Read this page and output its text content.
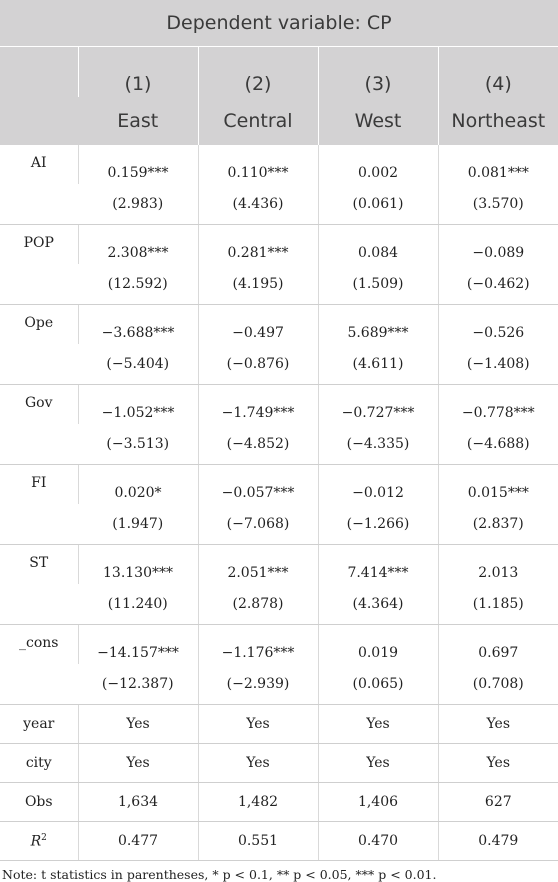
Dependent variable: CP				
	(1)	(2)	(3)	(4)
	East	Central	West	Northeast
AI	0.159***	0.110***	0.002	0.081***
	(2.983)	(4.436)	(0.061)	(3.570)
POP	2.308***	0.281***	0.084	−0.089
	(12.592)	(4.195)	(1.509)	(−0.462)
Ope	−3.688***	−0.497	5.689***	−0.526
	(−5.404)	(−0.876)	(4.611)	(−1.408)
Gov	−1.052***	−1.749***	−0.727***	−0.778***
	(−3.513)	(−4.852)	(−4.335)	(−4.688)
FI	0.020*	−0.057***	−0.012	0.015***
	(1.947)	(−7.068)	(−1.266)	(2.837)
ST	13.130***	2.051***	7.414***	2.013
	(11.240)	(2.878)	(4.364)	(1.185)
_cons	−14.157***	−1.176***	0.019	0.697
	(−12.387)	(−2.939)	(0.065)	(0.708)
year	Yes	Yes	Yes	Yes
city	Yes	Yes	Yes	Yes
Obs	1,634	1,482	1,406	627
$R^2$	0.477	0.551	0.470	0.479
Note: t statistics in parentheses, * p < 0.1, ** p < 0.05, *** p < 0.01.
